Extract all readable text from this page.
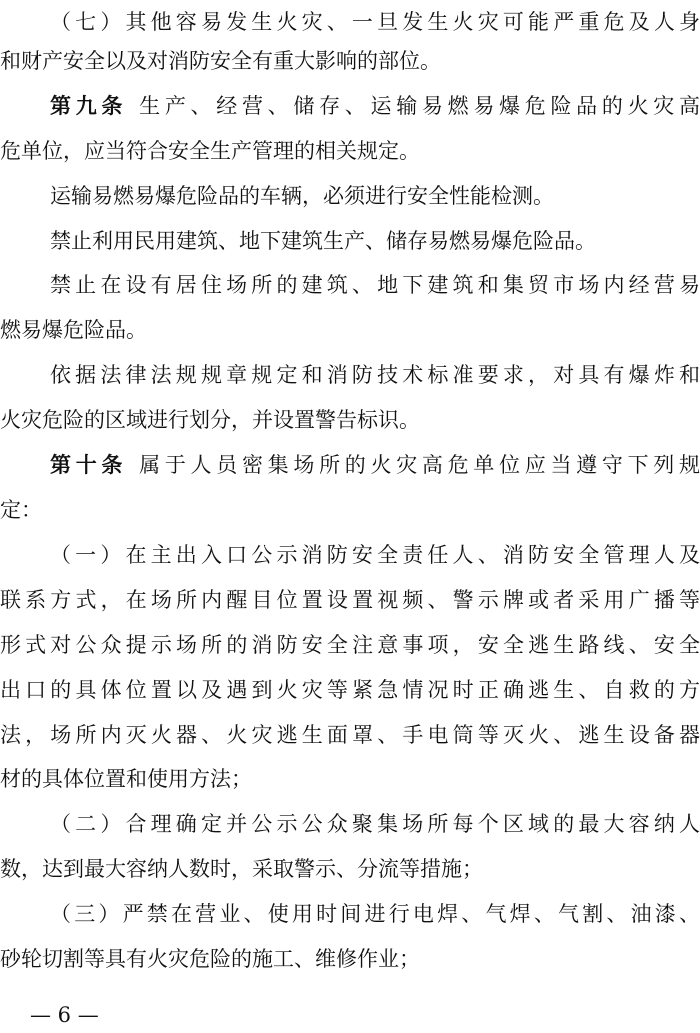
（七）其他容易发生火灾、一旦发生火灾可能严重危及人身
和财产安全以及对消防安全有重大影响的部位。
第九条 生产、经营、储存、运输易燃易爆危险品的火灾高
危单位，应当符合安全生产管理的相关规定。
运输易燃易爆危险品的车辆，必须进行安全性能检测。
禁止利用民用建筑、地下建筑生产、储存易燃易爆危险品。
禁止在设有居住场所的建筑、地下建筑和集贸市场内经营易
燃易爆危险品。
依据法律法规规章规定和消防技术标准要求，对具有爆炸和
火灾危险的区域进行划分，并设置警告标识。
第十条 属于人员密集场所的火灾高危单位应当遵守下列规
定：
（一）在主出入口公示消防安全责任人、消防安全管理人及
联系方式，在场所内醒目位置设置视频、警示牌或者采用广播等
形式对公众提示场所的消防安全注意事项，安全逃生路线、安全
出口的具体位置以及遇到火灾等紧急情况时正确逃生、自救的方
法，场所内灭火器、火灾逃生面罩、手电筒等灭火、逃生设备器
材的具体位置和使用方法；
（二）合理确定并公示公众聚集场所每个区域的最大容纳人
数，达到最大容纳人数时，采取警示、分流等措施；
（三）严禁在营业、使用时间进行电焊、气焊、气割、油漆、
砂轮切割等具有火灾危险的施工、维修作业；
— 6 —
